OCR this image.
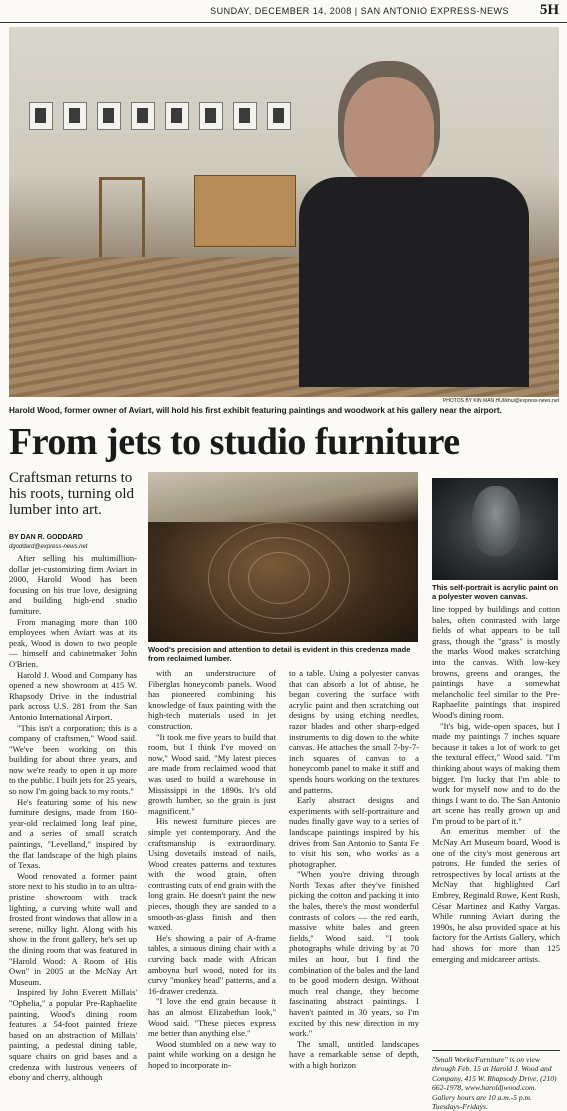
SUNDAY, DECEMBER 14, 2008 | SAN ANTONIO EXPRESS-NEWS 5H
PHOTOS BY KIN MAN HUI/khui@express-news.net
Harold Wood, former owner of Aviart, will hold his first exhibit featuring paintings and woodwork at his gallery near the airport.
From jets to studio furniture
Craftsman returns to his roots, turning old lumber into art.
BY DAN R. GODDARD
dgoddard@express-news.net
Wood's precision and attention to detail is evident in this credenza made from reclaimed lumber.
This self-portrait is acrylic paint on a polyester woven canvas.

After selling his multimillion-dollar jet-customizing firm Aviart in 2000, Harold Wood has been focusing on his true love, designing and building high-end studio furniture.

From managing more than 100 employees when Aviart was at its peak, Wood is down to two people — himself and cabinetmaker John O'Brien.

Harold J. Wood and Company has opened a new showroom at 415 W. Rhapsody Drive in the industrial park across U.S. 281 from the San Antonio International Airport.

"This isn't a corporation; this is a company of craftsmen," Wood said. "We've been working on this building for about three years, and now we're ready to open it up more to the public. I built jets for 25 years, so now I'm going back to my roots."

He's featuring some of his new furniture designs, made from 160-year-old reclaimed long leaf pine, and a series of small scratch paintings, "Levelland," inspired by the flat landscape of the high plains of Texas.

Wood renovated a former paint store next to his studio in to an ultra-pristine showroom with track lighting, a curving white wall and frosted front windows that allow in a serene, milky light. Along with his show in the front gallery, he's set up the dining room that was featured in "Harold Wood: A Room of His Own" in 2005 at the McNay Art Museum.

Inspired by John Everett Millais' "Ophelia," a popular Pre-Raphaelite painting, Wood's dining room features a 54-foot painted frieze based on an abstraction of Millais' painting, a pedestal dining table, square chairs on grid bases and a credenza with lustrous veneers of ebony and cherry, although

with an understructure of Fiberglas honeycomb panels. Wood has pioneered combining his knowledge of faux painting with the high-tech materials used in jet construction.

"It took me five years to build that room, but I think I've moved on now," Wood said. "My latest pieces are made from reclaimed wood that was used to build a warehouse in Mississippi in the 1890s. It's old growth lumber, so the grain is just magnificent."

His newest furniture pieces are simple yet contemporary. And the craftsmanship is extraordinary. Using dovetails instead of nails, Wood creates patterns and textures with the wood grain, often contrasting cuts of end grain with the long grain. He doesn't paint the new pieces, though they are sanded to a smooth-as-glass finish and then waxed.

He's showing a pair of A-frame tables, a sinuous dining chair with a curving back made with African amboyna burl wood, noted for its curvy "monkey head" patterns, and a 16-drawer credenza.

"I love the end grain because it has an almost Elizabethan look," Wood said. "These pieces express me better than anything else."

Wood stumbled on a new way to paint while working on a design he hoped to incorporate in-

to a table. Using a polyester canvas that can absorb a lot of abuse, he began covering the surface with acrylic paint and then scratching out designs by using etching needles, razor blades and other sharp-edged instruments to dig down to the white canvas. He attaches the small 7-by-7-inch squares of canvas to a honeycomb panel to make it stiff and spends hours working on the textures and patterns.

Early abstract designs and experiments with self-portraiture and nudes finally gave way to a series of landscape paintings inspired by his drives from San Antonio to Santa Fe to visit his son, who works as a photographer.

"When you're driving through North Texas after they've finished picking the cotton and packing it into the bales, there's the most wonderful contrasts of colors — the red earth, massive white bales and green fields," Wood said. "I took photographs while driving by at 70 miles an hour, but I find the combination of the bales and the land to be good modern design. Without much real change, they become fascinating abstract paintings. I haven't painted in 30 years, so I'm excited by this new direction in my work."

The small, untitled landscapes have a remarkable sense of depth, with a high horizon

line topped by buildings and cotton bales, often contrasted with large fields of what appears to be tall grass, though the "grass" is mostly the marks Wood makes scratching into the canvas. With low-key browns, greens and oranges, the paintings have a somewhat melancholic feel similar to the Pre-Raphaelite paintings that inspired Wood's dining room.

"It's big, wide-open spaces, but I made my paintings 7 inches square because it takes a lot of work to get the textural effect," Wood said. "I'm thinking about ways of making them bigger. I'm lucky that I'm able to work for myself now and to do the things I want to do. The San Antonio art scene has really grown up and I'm proud to be part of it."

An emeritus member of the McNay Art Museum board, Wood is one of the city's most generous art patrons. He funded the series of retrospectives by local artists at the McNay that highlighted Carl Embrey, Reginald Rowe, Kent Rush, César Martinez and Kathy Vargas. While running Aviart during the 1990s, he also provided space at his factory for the Artists Gallery, which had shows for more than 125 emerging and midcareer artists.

"Small Works/Furniture" is on view through Feb. 15 at Harold J. Wood and Company, 415 W. Rhapsody Drive, (210) 662-1978, www.haroldjwood.com. Gallery hours are 10 a.m.-5 p.m. Tuesdays-Fridays.
